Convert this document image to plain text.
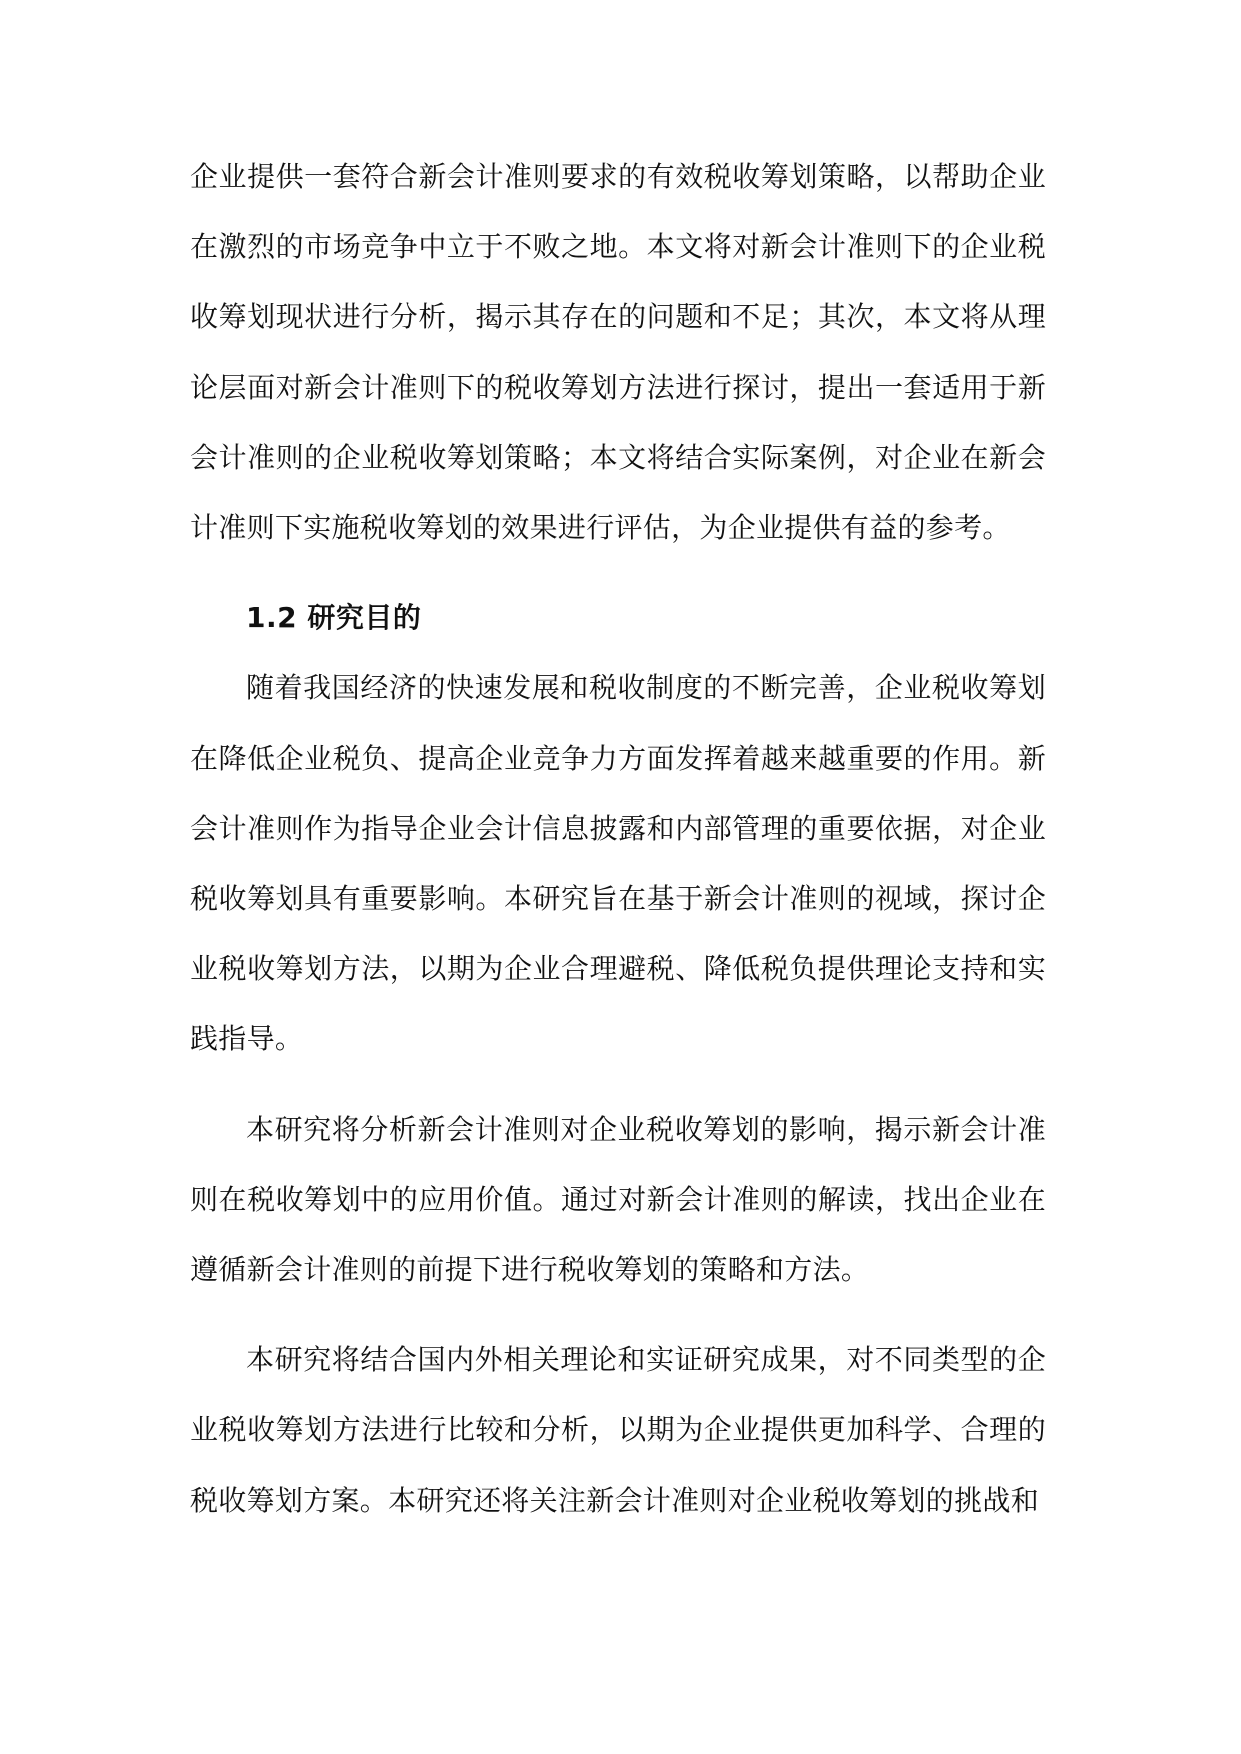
企业提供一套符合新会计准则要求的有效税收筹划策略，以帮助企业在激烈的市场竞争中立于不败之地。本文将对新会计准则下的企业税收筹划现状进行分析，揭示其存在的问题和不足；其次，本文将从理论层面对新会计准则下的税收筹划方法进行探讨，提出一套适用于新会计准则的企业税收筹划策略；本文将结合实际案例，对企业在新会计准则下实施税收筹划的效果进行评估，为企业提供有益的参考。

1.2 研究目的

随着我国经济的快速发展和税收制度的不断完善，企业税收筹划在降低企业税负、提高企业竞争力方面发挥着越来越重要的作用。新会计准则作为指导企业会计信息披露和内部管理的重要依据，对企业税收筹划具有重要影响。本研究旨在基于新会计准则的视域，探讨企业税收筹划方法，以期为企业合理避税、降低税负提供理论支持和实践指导。

本研究将分析新会计准则对企业税收筹划的影响，揭示新会计准则在税收筹划中的应用价值。通过对新会计准则的解读，找出企业在遵循新会计准则的前提下进行税收筹划的策略和方法。

本研究将结合国内外相关理论和实证研究成果，对不同类型的企业税收筹划方法进行比较和分析，以期为企业提供更加科学、合理的税收筹划方案。本研究还将关注新会计准则对企业税收筹划的挑战和
